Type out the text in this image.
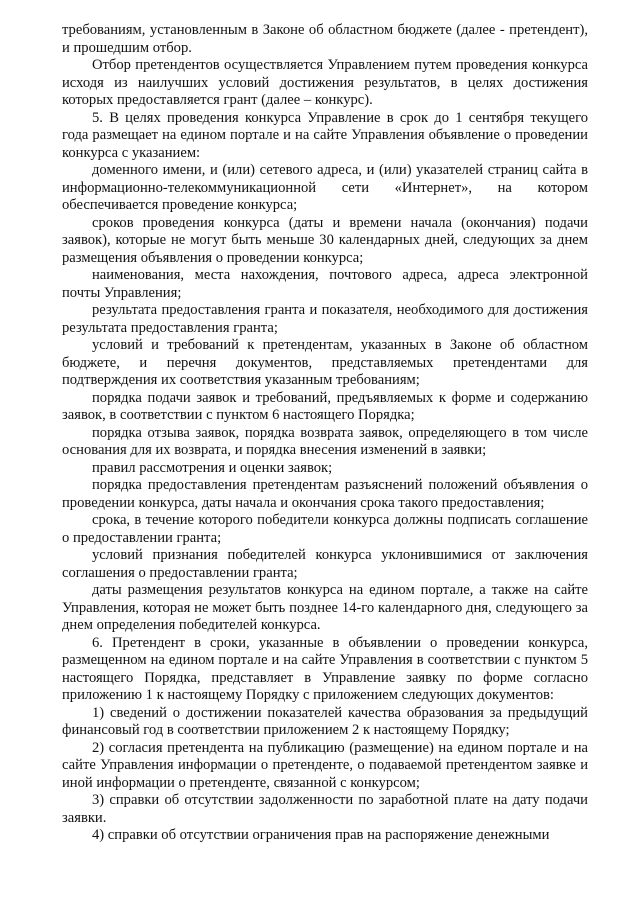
требованиям, установленным в Законе об областном бюджете (далее - претендент), и прошедшим отбор.

Отбор претендентов осуществляется Управлением путем проведения конкурса исходя из наилучших условий достижения результатов, в целях достижения которых предоставляется грант (далее – конкурс).

5. В целях проведения конкурса Управление в срок до 1 сентября текущего года размещает на едином портале и на сайте Управления объявление о проведении конкурса с указанием:

доменного имени, и (или) сетевого адреса, и (или) указателей страниц сайта в информационно-телекоммуникационной сети «Интернет», на котором обеспечивается проведение конкурса;

сроков проведения конкурса (даты и времени начала (окончания) подачи заявок), которые не могут быть меньше 30 календарных дней, следующих за днем размещения объявления о проведении конкурса;

наименования, места нахождения, почтового адреса, адреса электронной почты Управления;

результата предоставления гранта и показателя, необходимого для достижения результата предоставления гранта;

условий и требований к претендентам, указанных в Законе об областном бюджете, и перечня документов, представляемых претендентами для подтверждения их соответствия указанным требованиям;

порядка подачи заявок и требований, предъявляемых к форме и содержанию заявок, в соответствии с пунктом 6 настоящего Порядка;

порядка отзыва заявок, порядка возврата заявок, определяющего в том числе основания для их возврата, и порядка внесения изменений в заявки;

правил рассмотрения и оценки заявок;

порядка предоставления претендентам разъяснений положений объявления о проведении конкурса, даты начала и окончания срока такого предоставления;

срока, в течение которого победители конкурса должны подписать соглашение о предоставлении гранта;

условий признания победителей конкурса уклонившимися от заключения соглашения о предоставлении гранта;

даты размещения результатов конкурса на едином портале, а также на сайте Управления, которая не может быть позднее 14-го календарного дня, следующего за днем определения победителей конкурса.

6. Претендент в сроки, указанные в объявлении о проведении конкурса, размещенном на едином портале и на сайте Управления в соответствии с пунктом 5 настоящего Порядка, представляет в Управление заявку по форме согласно приложению 1 к настоящему Порядку с приложением следующих документов:

1) сведений о достижении показателей качества образования за предыдущий финансовый год в соответствии приложением 2 к настоящему Порядку;

2) согласия претендента на публикацию (размещение) на едином портале и на сайте Управления информации о претенденте, о подаваемой претендентом заявке и иной информации о претенденте, связанной с конкурсом;

3) справки об отсутствии задолженности по заработной плате на дату подачи заявки.

4) справки об отсутствии ограничения прав на распоряжение денежными
